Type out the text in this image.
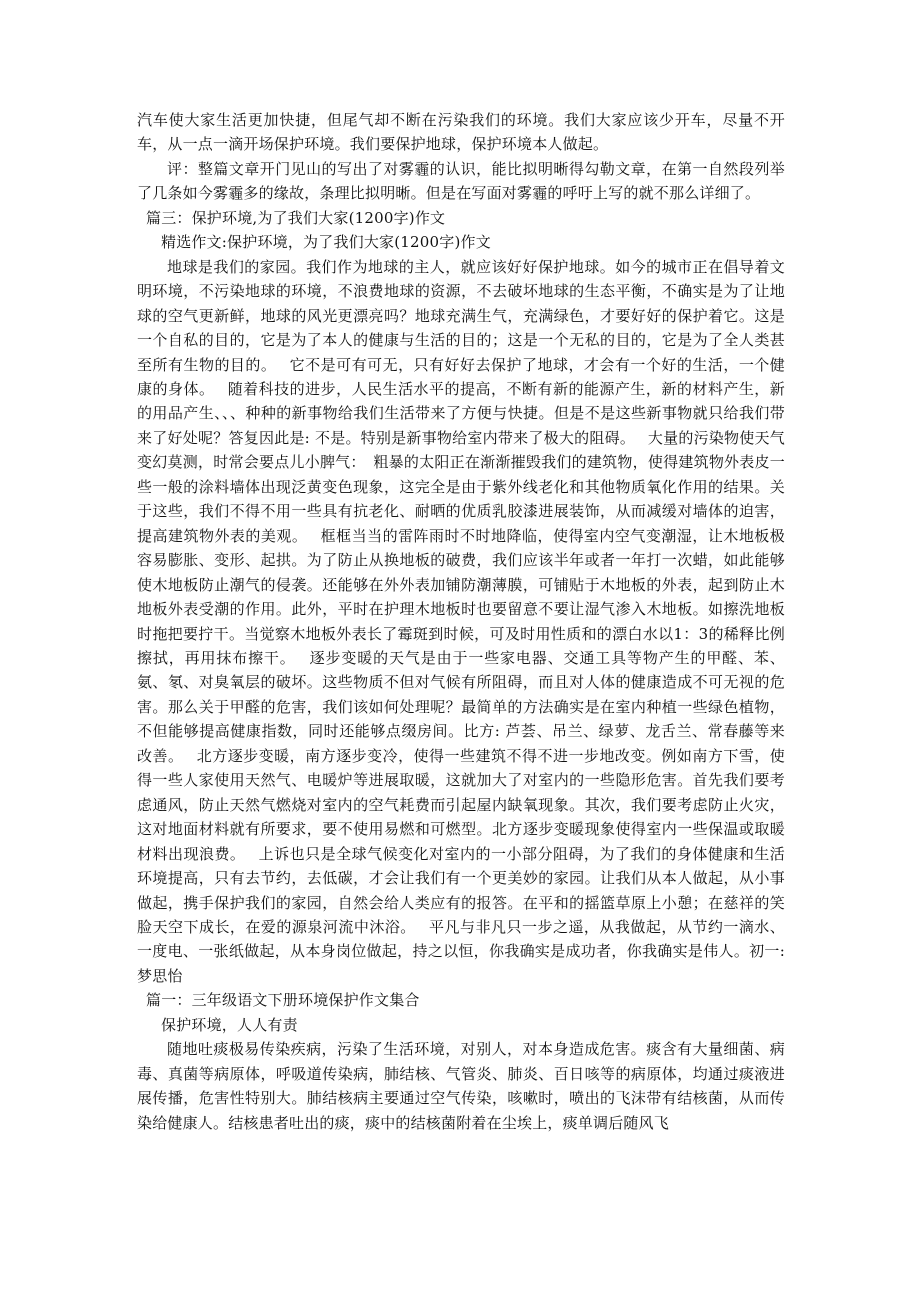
汽车使大家生活更加快捷，但尾气却不断在污染我们的环境。我们大家应该少开车，尽量不开车，从一点一滴开场保护环境。我们要保护地球，保护环境本人做起。

评：整篇文章开门见山的写出了对雾霾的认识，能比拟明晰得勾勒文章，在第一自然段列举了几条如今雾霾多的缘故，条理比拟明晰。但是在写面对雾霾的呼吁上写的就不那么详细了。

篇三：保护环境,为了我们大家(1200字)作文

精选作文:保护环境，为了我们大家(1200字)作文

地球是我们的家园。我们作为地球的主人，就应该好好保护地球。如今的城市正在倡导着文明环境，不污染地球的环境，不浪费地球的资源，不去破坏地球的生态平衡，不确实是为了让地球的空气更新鲜，地球的风光更漂亮吗？地球充满生气，充满绿色，才要好好的保护着它。这是一个自私的目的，它是为了本人的健康与生活的目的；这是一个无私的目的，它是为了全人类甚至所有生物的目的。　 它不是可有可无，只有好好去保护了地球，才会有一个好的生活，一个健康的身体。　 随着科技的进步，人民生活水平的提高，不断有新的能源产生，新的材料产生，新的用品产生、、、种种的新事物给我们生活带来了方便与快捷。但是不是这些新事物就只给我们带来了好处呢？答复因此是: 不是。特别是新事物给室内带来了极大的阻碍。　 大量的污染物使天气变幻莫测，时常会要点儿小脾气：　粗暴的太阳正在渐渐摧毁我们的建筑物，使得建筑物外表皮一些一般的涂料墙体出现泛黄变色现象，这完全是由于紫外线老化和其他物质氧化作用的结果。关于这些，我们不得不用一些具有抗老化、耐晒的优质乳胶漆进展装饰，从而减缓对墙体的迫害，提高建筑物外表的美观。　 框框当当的雷阵雨时不时地降临，使得室内空气变潮湿，让木地板极容易膨胀、变形、起拱。为了防止从换地板的破费，我们应该半年或者一年打一次蜡，如此能够使木地板防止潮气的侵袭。还能够在外外表加铺防潮薄膜，可铺贴于木地板的外表，起到防止木地板外表受潮的作用。此外，平时在护理木地板时也要留意不要让湿气渗入木地板。如擦洗地板时拖把要拧干。当觉察木地板外表长了霉斑到时候，可及时用性质和的漂白水以1：3的稀释比例擦拭，再用抹布擦干。　 逐步变暖的天气是由于一些家电器、交通工具等物产生的甲醛、苯、氨、氡、对臭氧层的破坏。这些物质不但对气候有所阻碍，而且对人体的健康造成不可无视的危害。那么关于甲醛的危害，我们该如何处理呢？最简单的方法确实是在室内种植一些绿色植物，不但能够提高健康指数，同时还能够点缀房间。比方: 芦荟、吊兰、绿萝、龙舌兰、常春藤等来改善。　 北方逐步变暖，南方逐步变冷，使得一些建筑不得不进一步地改变。例如南方下雪，使得一些人家使用天然气、电暖炉等进展取暖，这就加大了对室内的一些隐形危害。首先我们要考虑通风，防止天然气燃烧对室内的空气耗费而引起屋内缺氧现象。其次，我们要考虑防止火灾，这对地面材料就有所要求，要不使用易燃和可燃型。北方逐步变暖现象使得室内一些保温或取暖材料出现浪费。　 上诉也只是全球气候变化对室内的一小部分阻碍，为了我们的身体健康和生活环境提高，只有去节约，去低碳，才会让我们有一个更美妙的家园。让我们从本人做起，从小事做起，携手保护我们的家园，自然会给人类应有的报答。在平和的摇篮草原上小憩；在慈祥的笑脸天空下成长，在爱的源泉河流中沐浴。　 平凡与非凡只一步之遥，从我做起，从节约一滴水、一度电、一张纸做起，从本身岗位做起，持之以恒，你我确实是成功者，你我确实是伟人。初一:梦思怡

篇一：三年级语文下册环境保护作文集合

保护环境，人人有责

随地吐痰极易传染疾病，污染了生活环境，对别人，对本身造成危害。痰含有大量细菌、病毒、真菌等病原体，呼吸道传染病，肺结核、气管炎、肺炎、百日咳等的病原体，均通过痰液进展传播，危害性特别大。肺结核病主要通过空气传染，咳嗽时，喷出的飞沫带有结核菌，从而传染给健康人。结核患者吐出的痰，痰中的结核菌附着在尘埃上，痰单调后随风飞
